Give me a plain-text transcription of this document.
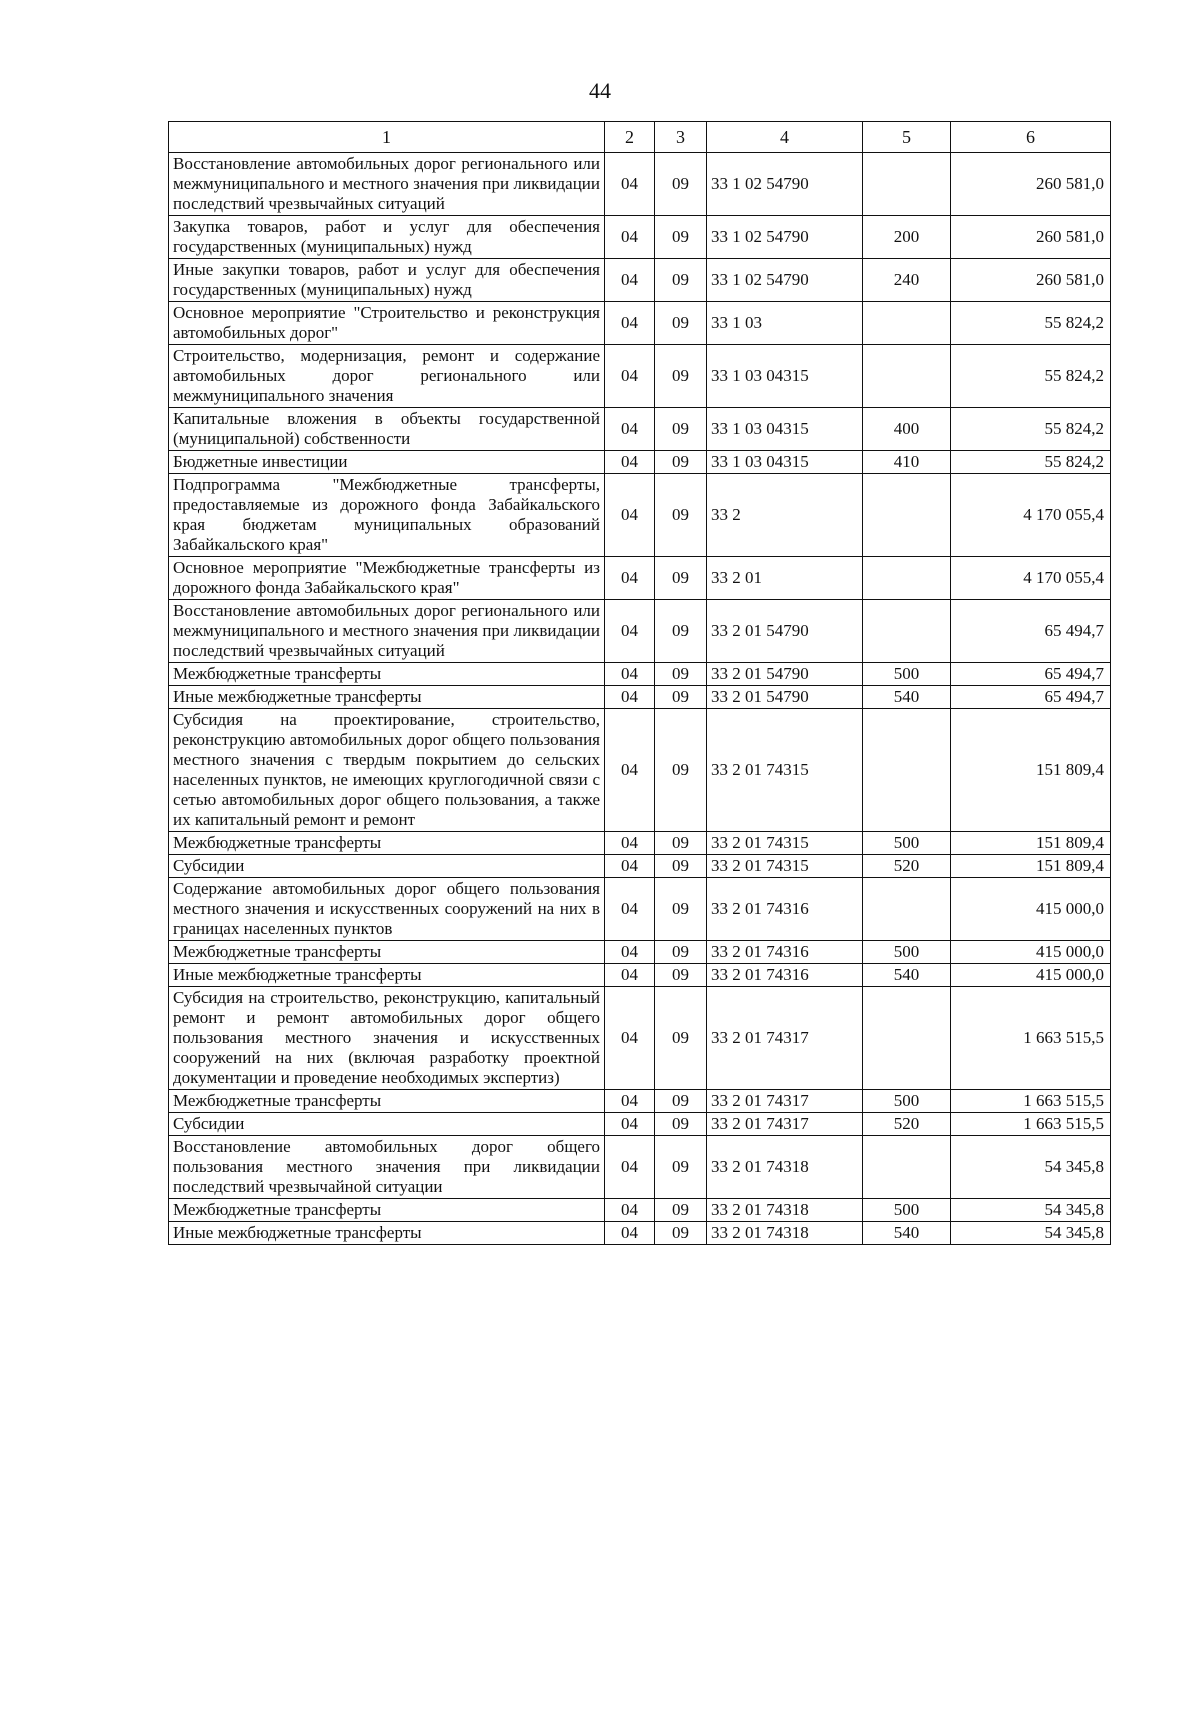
44
1	2	3	4	5	6
Восстановление автомобильных дорог регионального или межмуниципального и местного значения при ликвидации последствий чрезвычайных ситуаций	04	09	33 1 02 54790		260 581,0
Закупка товаров, работ и услуг для обеспечения государственных (муниципальных) нужд	04	09	33 1 02 54790	200	260 581,0
Иные закупки товаров, работ и услуг для обеспечения государственных (муниципальных) нужд	04	09	33 1 02 54790	240	260 581,0
Основное мероприятие "Строительство и реконструкция автомобильных дорог"	04	09	33 1 03		55 824,2
Строительство, модернизация, ремонт и содержание автомобильных дорог регионального или межмуниципального значения	04	09	33 1 03 04315		55 824,2
Капитальные вложения в объекты государственной (муниципальной) собственности	04	09	33 1 03 04315	400	55 824,2
Бюджетные инвестиции	04	09	33 1 03 04315	410	55 824,2
Подпрограмма "Межбюджетные трансферты, предоставляемые из дорожного фонда Забайкальского края бюджетам муниципальных образований Забайкальского края"	04	09	33 2		4 170 055,4
Основное мероприятие "Межбюджетные трансферты из дорожного фонда Забайкальского края"	04	09	33 2 01		4 170 055,4
Восстановление автомобильных дорог регионального или межмуниципального и местного значения при ликвидации последствий чрезвычайных ситуаций	04	09	33 2 01 54790		65 494,7
Межбюджетные трансферты	04	09	33 2 01 54790	500	65 494,7
Иные межбюджетные трансферты	04	09	33 2 01 54790	540	65 494,7
Субсидия на проектирование, строительство, реконструкцию автомобильных дорог общего пользования местного значения с твердым покрытием до сельских населенных пунктов, не имеющих круглогодичной связи с сетью автомобильных дорог общего пользования, а также их капитальный ремонт и ремонт	04	09	33 2 01 74315		151 809,4
Межбюджетные трансферты	04	09	33 2 01 74315	500	151 809,4
Субсидии	04	09	33 2 01 74315	520	151 809,4
Содержание автомобильных дорог общего пользования местного значения и искусственных сооружений на них в границах населенных пунктов	04	09	33 2 01 74316		415 000,0
Межбюджетные трансферты	04	09	33 2 01 74316	500	415 000,0
Иные межбюджетные трансферты	04	09	33 2 01 74316	540	415 000,0
Субсидия на строительство, реконструкцию, капитальный ремонт и ремонт автомобильных дорог общего пользования местного значения и искусственных сооружений на них (включая разработку проектной документации и проведение необходимых экспертиз)	04	09	33 2 01 74317		1 663 515,5
Межбюджетные трансферты	04	09	33 2 01 74317	500	1 663 515,5
Субсидии	04	09	33 2 01 74317	520	1 663 515,5
Восстановление автомобильных дорог общего пользования местного значения при ликвидации последствий чрезвычайной ситуации	04	09	33 2 01 74318		54 345,8
Межбюджетные трансферты	04	09	33 2 01 74318	500	54 345,8
Иные межбюджетные трансферты	04	09	33 2 01 74318	540	54 345,8
